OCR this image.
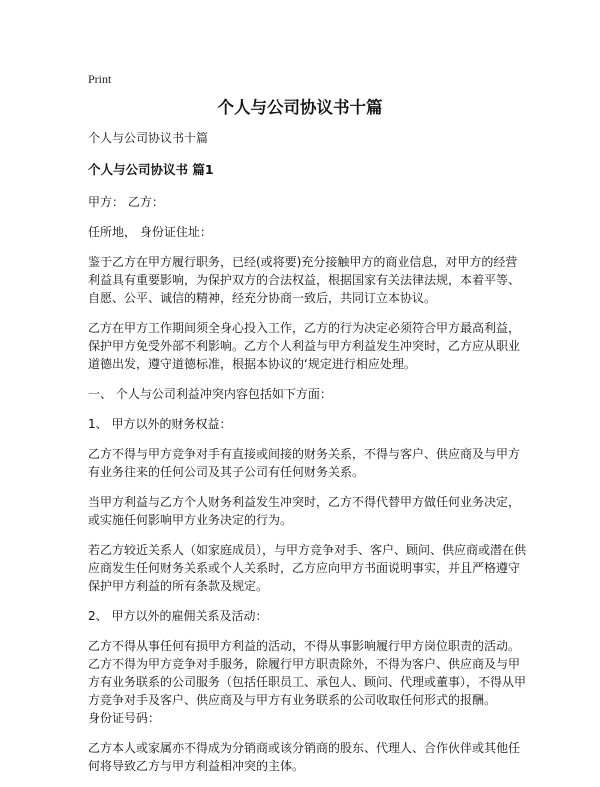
Print
个人与公司协议书十篇

个人与公司协议书十篇

个人与公司协议书 篇1

甲方： 乙方：

任所地， 身份证住址：

鉴于乙方在甲方履行职务，已经(或将要)充分接触甲方的商业信息，对甲方的经营利益具有重要影响，为保护双方的合法权益，根据国家有关法律法规，本着平等、自愿、公平、诚信的精神，经充分协商一致后，共同订立本协议。

乙方在甲方工作期间须全身心投入工作，乙方的行为决定必须符合甲方最高利益，保护甲方免受外部不利影响。乙方个人利益与甲方利益发生冲突时，乙方应从职业道德出发，遵守道德标准，根据本协议的‘规定进行相应处理。

一、 个人与公司利益冲突内容包括如下方面：

1、 甲方以外的财务权益：

乙方不得与甲方竞争对手有直接或间接的财务关系，不得与客户、供应商及与甲方有业务往来的任何公司及其子公司有任何财务关系。

当甲方利益与乙方个人财务利益发生冲突时，乙方不得代替甲方做任何业务决定，或实施任何影响甲方业务决定的行为。

若乙方较近关系人（如家庭成员），与甲方竞争对手、客户、顾问、供应商或潜在供应商发生任何财务关系或个人关系时，乙方应向甲方书面说明事实，并且严格遵守保护甲方利益的所有条款及规定。

2、 甲方以外的雇佣关系及活动：

乙方不得从事任何有损甲方利益的活动，不得从事影响履行甲方岗位职责的活动。乙方不得为甲方竞争对手服务，除履行甲方职责除外，不得为客户、供应商及与甲方有业务联系的公司服务（包括任职员工、承包人、顾问、代理或董事），不得从甲方竞争对手及客户、供应商及与甲方有业务联系的公司收取任何形式的报酬。

身份证号码：

乙方本人或家属亦不得成为分销商或该分销商的股东、代理人、合作伙伴或其他任何将导致乙方与甲方利益相冲突的主体。
